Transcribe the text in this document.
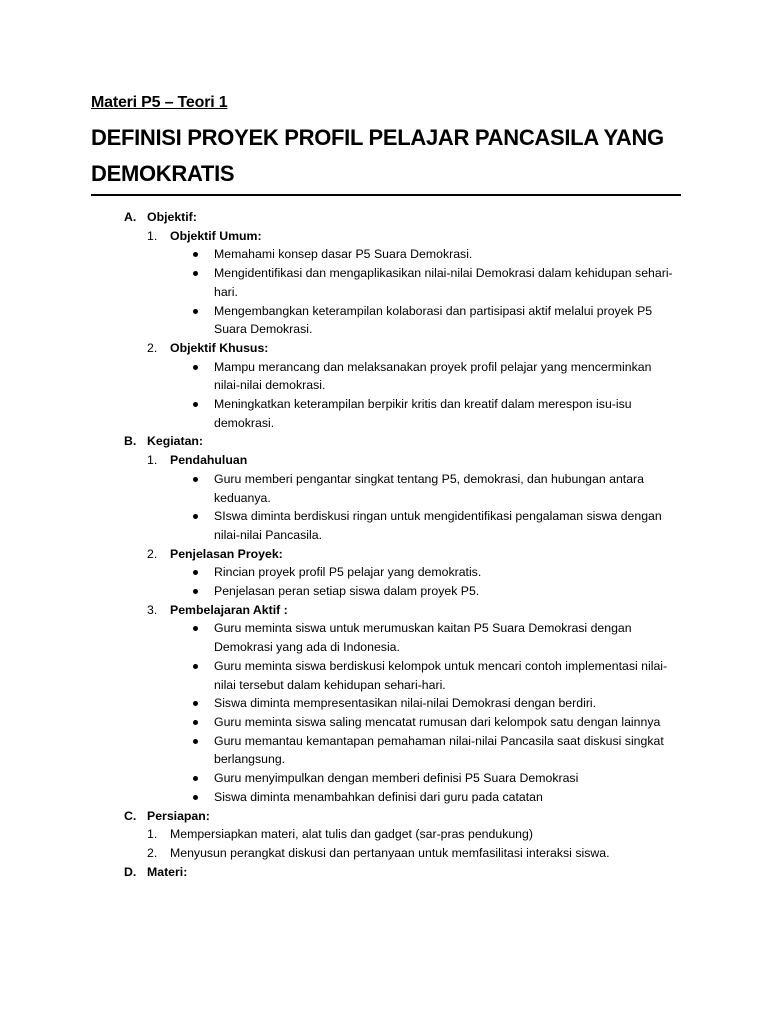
Materi P5 – Teori 1
DEFINISI PROYEK PROFIL PELAJAR PANCASILA YANG DEMOKRATIS
A. Objektif:
1. Objektif Umum:
Memahami konsep dasar P5 Suara Demokrasi.
Mengidentifikasi dan mengaplikasikan nilai-nilai Demokrasi dalam kehidupan sehari-hari.
Mengembangkan keterampilan kolaborasi dan partisipasi aktif melalui proyek P5 Suara Demokrasi.
2. Objektif Khusus:
Mampu merancang dan melaksanakan proyek profil pelajar yang mencerminkan nilai-nilai demokrasi.
Meningkatkan keterampilan berpikir kritis dan kreatif dalam merespon isu-isu demokrasi.
B. Kegiatan:
1. Pendahuluan
Guru memberi pengantar singkat tentang P5, demokrasi, dan hubungan antara keduanya.
SIswa diminta berdiskusi ringan untuk mengidentifikasi pengalaman siswa dengan nilai-nilai Pancasila.
2. Penjelasan Proyek:
Rincian proyek profil P5 pelajar yang demokratis.
Penjelasan peran setiap siswa dalam proyek P5.
3. Pembelajaran Aktif :
Guru meminta siswa untuk merumuskan kaitan P5 Suara Demokrasi dengan Demokrasi yang ada di Indonesia.
Guru meminta siswa berdiskusi kelompok untuk mencari contoh implementasi nilai-nilai tersebut dalam kehidupan sehari-hari.
Siswa diminta mempresentasikan nilai-nilai Demokrasi dengan berdiri.
Guru meminta siswa saling mencatat rumusan dari kelompok satu dengan lainnya
Guru memantau kemantapan pemahaman nilai-nilai Pancasila saat diskusi singkat berlangsung.
Guru menyimpulkan dengan memberi definisi P5 Suara Demokrasi
Siswa diminta menambahkan definisi dari guru pada catatan
C. Persiapan:
1. Mempersiapkan materi, alat tulis dan gadget (sar-pras pendukung)
2. Menyusun perangkat diskusi dan pertanyaan untuk memfasilitasi interaksi siswa.
D. Materi:
